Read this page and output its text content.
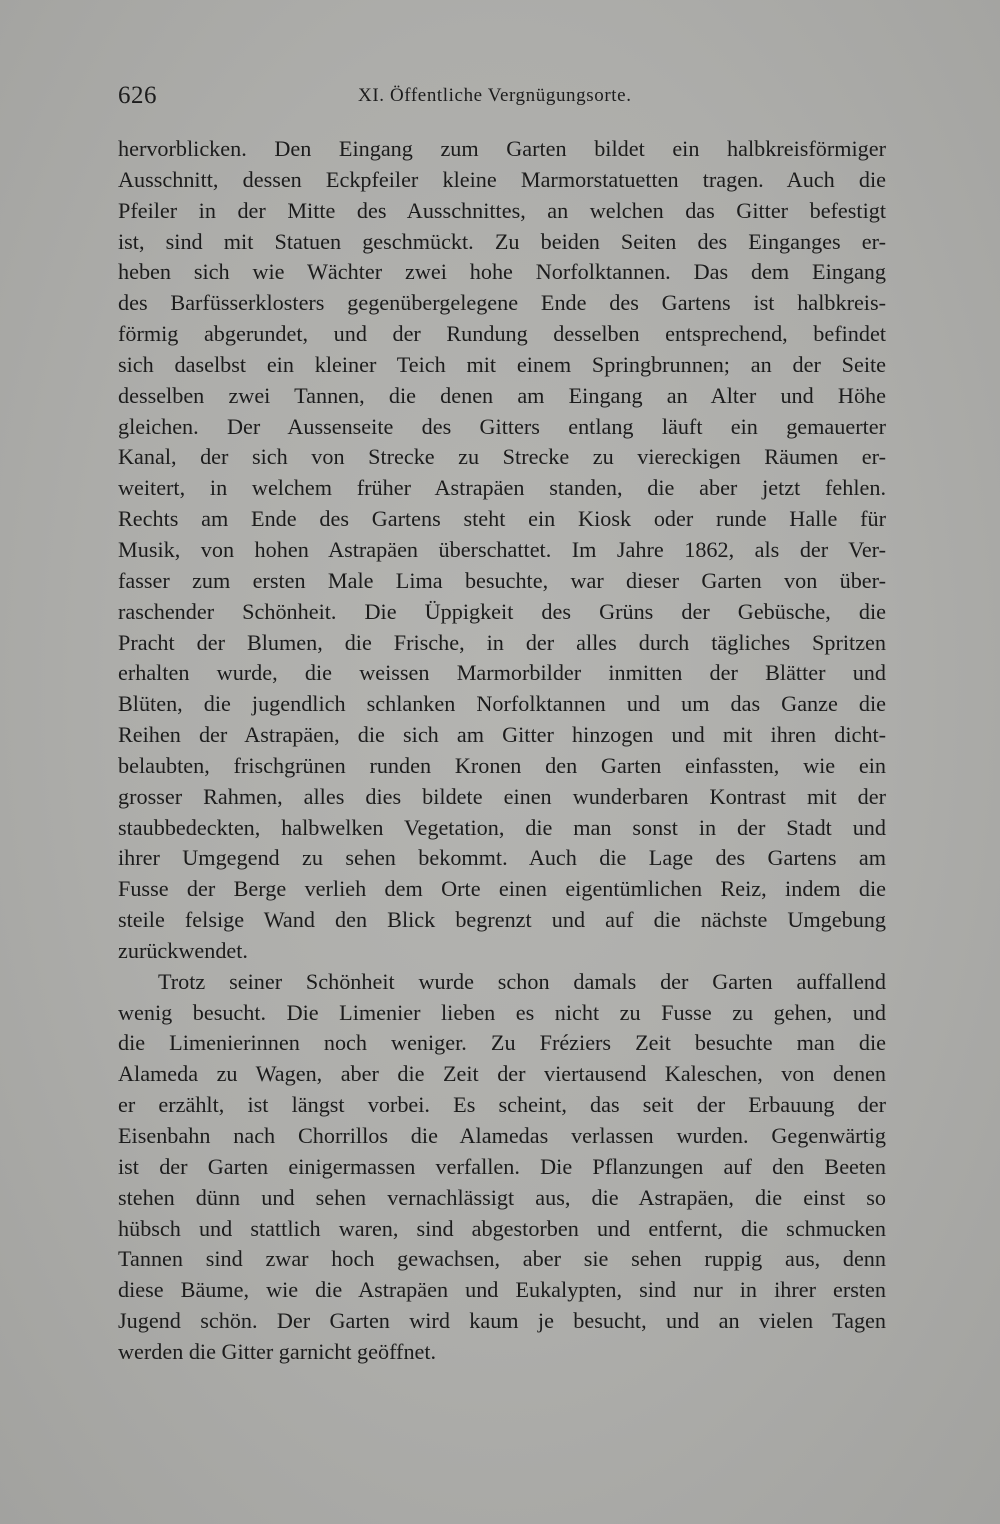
626	XI. Öffentliche Vergnügungsorte.
hervorblicken. Den Eingang zum Garten bildet ein halbkreisförmiger
Ausschnitt, dessen Eckpfeiler kleine Marmorstatuetten tragen. Auch die
Pfeiler in der Mitte des Ausschnittes, an welchen das Gitter befestigt
ist, sind mit Statuen geschmückt. Zu beiden Seiten des Einganges er-
heben sich wie Wächter zwei hohe Norfolktannen. Das dem Eingang
des Barfüsserklosters gegenübergelegene Ende des Gartens ist halbkreis-
förmig abgerundet, und der Rundung desselben entsprechend, befindet
sich daselbst ein kleiner Teich mit einem Springbrunnen; an der Seite
desselben zwei Tannen, die denen am Eingang an Alter und Höhe
gleichen. Der Aussenseite des Gitters entlang läuft ein gemauerter
Kanal, der sich von Strecke zu Strecke zu viereckigen Räumen er-
weitert, in welchem früher Astrapäen standen, die aber jetzt fehlen.
Rechts am Ende des Gartens steht ein Kiosk oder runde Halle für
Musik, von hohen Astrapäen überschattet. Im Jahre 1862, als der Ver-
fasser zum ersten Male Lima besuchte, war dieser Garten von über-
raschender Schönheit. Die Üppigkeit des Grüns der Gebüsche, die
Pracht der Blumen, die Frische, in der alles durch tägliches Spritzen
erhalten wurde, die weissen Marmorbilder inmitten der Blätter und
Blüten, die jugendlich schlanken Norfolktannen und um das Ganze die
Reihen der Astrapäen, die sich am Gitter hinzogen und mit ihren dicht-
belaubten, frischgrünen runden Kronen den Garten einfassten, wie ein
grosser Rahmen, alles dies bildete einen wunderbaren Kontrast mit der
staubbedeckten, halbwelken Vegetation, die man sonst in der Stadt und
ihrer Umgegend zu sehen bekommt. Auch die Lage des Gartens am
Fusse der Berge verlieh dem Orte einen eigentümlichen Reiz, indem die
steile felsige Wand den Blick begrenzt und auf die nächste Umgebung
zurückwendet.
Trotz seiner Schönheit wurde schon damals der Garten auffallend
wenig besucht. Die Limenier lieben es nicht zu Fusse zu gehen, und
die Limenierinnen noch weniger. Zu Fréziers Zeit besuchte man die
Alameda zu Wagen, aber die Zeit der viertausend Kaleschen, von denen
er erzählt, ist längst vorbei. Es scheint, das seit der Erbauung der
Eisenbahn nach Chorrillos die Alamedas verlassen wurden. Gegenwärtig
ist der Garten einigermassen verfallen. Die Pflanzungen auf den Beeten
stehen dünn und sehen vernachlässigt aus, die Astrapäen, die einst so
hübsch und stattlich waren, sind abgestorben und entfernt, die schmucken
Tannen sind zwar hoch gewachsen, aber sie sehen ruppig aus, denn
diese Bäume, wie die Astrapäen und Eukalypten, sind nur in ihrer ersten
Jugend schön. Der Garten wird kaum je besucht, und an vielen Tagen
werden die Gitter garnicht geöffnet.
